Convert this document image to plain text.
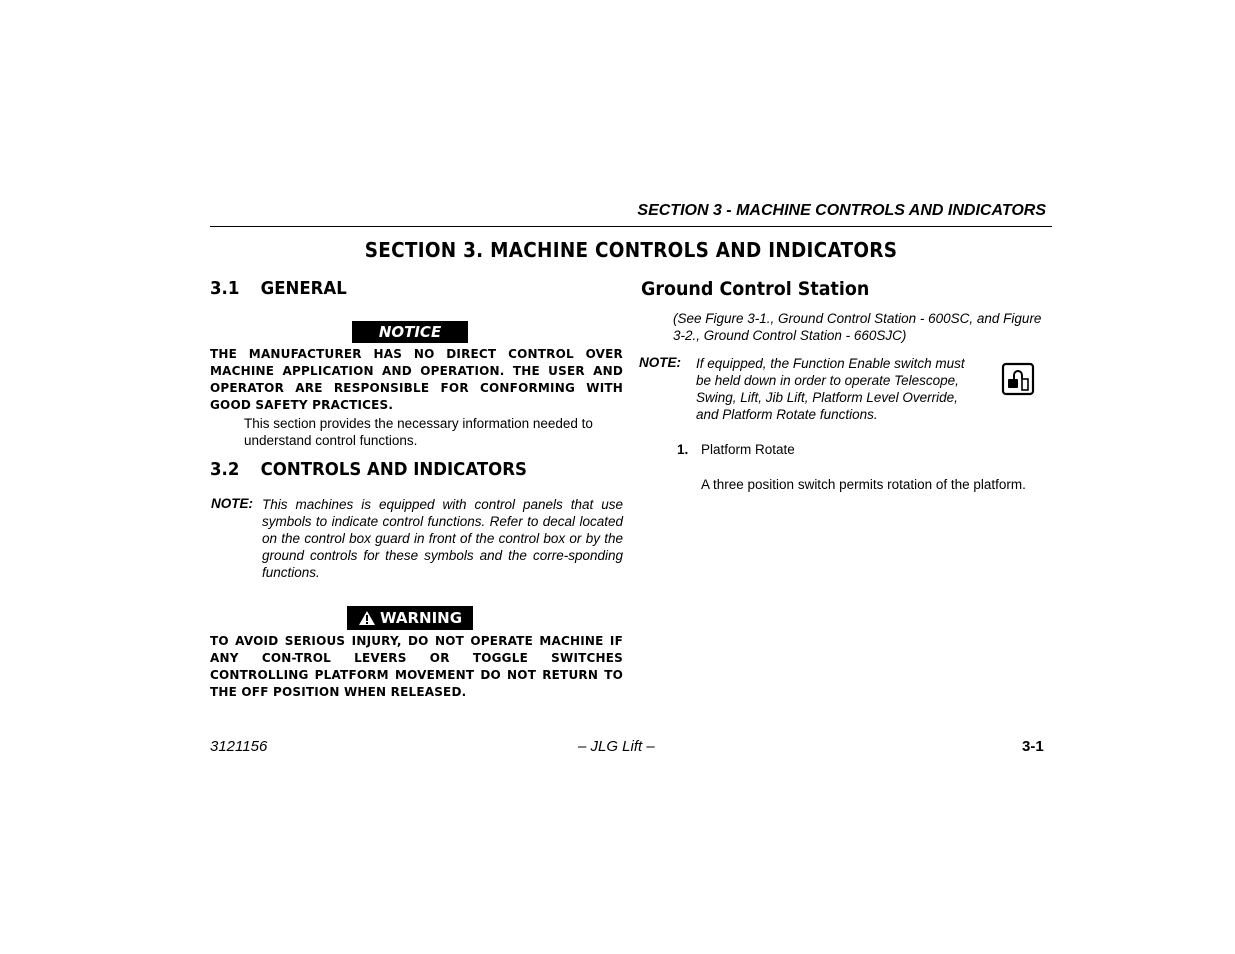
SECTION 3 - MACHINE CONTROLS AND INDICATORS
SECTION 3. MACHINE CONTROLS AND INDICATORS
3.1 GENERAL
NOTICE
THE MANUFACTURER HAS NO DIRECT CONTROL OVER MACHINE APPLICATION AND OPERATION. THE USER AND OPERATOR ARE RESPONSIBLE FOR CONFORMING WITH GOOD SAFETY PRACTICES.
This section provides the necessary information needed to understand control functions.
3.2 CONTROLS AND INDICATORS
NOTE: This machines is equipped with control panels that use symbols to indicate control functions. Refer to decal located on the control box guard in front of the control box or by the ground controls for these symbols and the corre-sponding functions.
WARNING
TO AVOID SERIOUS INJURY, DO NOT OPERATE MACHINE IF ANY CON-TROL LEVERS OR TOGGLE SWITCHES CONTROLLING PLATFORM MOVEMENT DO NOT RETURN TO THE OFF POSITION WHEN RELEASED.
Ground Control Station
(See Figure 3-1., Ground Control Station - 600SC, and Figure 3-2., Ground Control Station - 660SJC)
NOTE: If equipped, the Function Enable switch must be held down in order to operate Telescope, Swing, Lift, Jib Lift, Platform Level Override, and Platform Rotate functions.
1. Platform Rotate
A three position switch permits rotation of the platform.
3121156	– JLG Lift –	3-1
